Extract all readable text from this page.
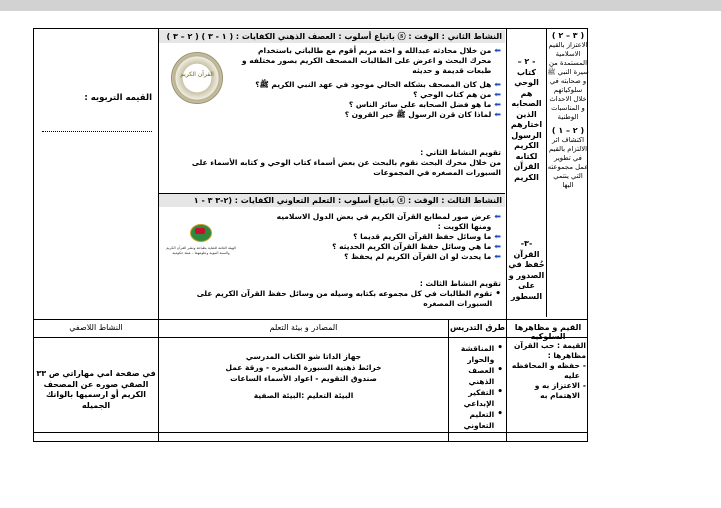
( ٣ – ٢ )
الاعتزاز بالقيم الاسلامية المستمدة من سيرة النبي ﷺ و صحابته في سلوكياتهم خلال الاحداث و المناسبات الوطنية
( ٢ – ١ )
اكتشاف اثر الالتزام بالقيم في تطوير عمل مجموعته التي ينتمي اليها
- ٢ – كتاب الوحي هم الصحابه الذين اختارهم الرسول الكريم لكتابه القرآن الكريم
-٣- القرآن حُفظ في الصدور و على السطور
النشاط الثاني : الوقت : ⓢ باتباع أسلوب : العصف الذهني الكفايات : ( ١ - ٣ ) ( ٢ – ٣ )
⬅
من خلال محادثه عبدالله و اخته مريم أقوم مع طالباتي باستخدام محرك البحث و اعرض على الطالبات المصحف الكريم بصور مختلفه و طبعات قديمة و حديثه
⬅
هل كان المصحف بشكله الحالي موجود في عهد النبي الكريم ﷺ؟
⬅
من هم كتاب الوحي ؟
⬅
ما هو فضل الصحابه على سائر الناس ؟
⬅
لماذا كان قرن الرسول ﷺ خير القرون ؟
تقويم النشاط الثاني :
من خلال محرك البحث نقوم بالبحث عن بعض أسماء كتاب الوحي و كتابه الأسماء على السبورات المصغره في المجموعات
القرآن الكريم
النشاط الثالث : الوقت : ⓢ باتباع أسلوب : التعلم التعاوني الكفايات : (٢-٣ ٣ - ١
⬅
عرض صور لمطابع القرآن الكريم في بعض الدول الاسلاميه ومنها الكويت :
⬅
ما وسائل حفظ القرآن الكريم قديما ؟
⬅
ما هي وسائل حفظ القرآن الكريم الحديثه ؟
⬅
ما يحدث لو ان القرآن الكريم لم يحفظ ؟
تقويم النشاط الثالث :
•
تقوم الطالبات في كل مجموعه بكتابه وسيله من وسائل حفظ القرآن الكريم على السبورات المصغره
الهيئة العامة للعناية بطباعة ونشر القرآن الكريم والسنة النبوية وعلومهما – هيئة حكومية
القيمه التربويه :
القيم و مظاهرها السلوكيه
طرق التدريس
المصادر و بيئة التعلم
النشاط اللاصفي
القيمة : حب القرآن
مظاهرها :
-
حفظه و المحافظه عليه
-
الاعتزاز به و الاهتمام به
•
المناقشة والحوار
•
العصف الذهني
•
التفكير الإبداعي
•
التعليم التعاوني
جهاز الداتا شو الكتاب المدرسي
خرائط ذهنية السبورة الصغيره - ورقة عمل
صندوق التقويم - اعواد الأسماء الساعات
البيئة التعليم :البيئة الصفية
في صفحة امي مهاراتي ص ٣٣ الصقي صوره عن المصحف الكريم أو ارسميها بالوانك الجميله
